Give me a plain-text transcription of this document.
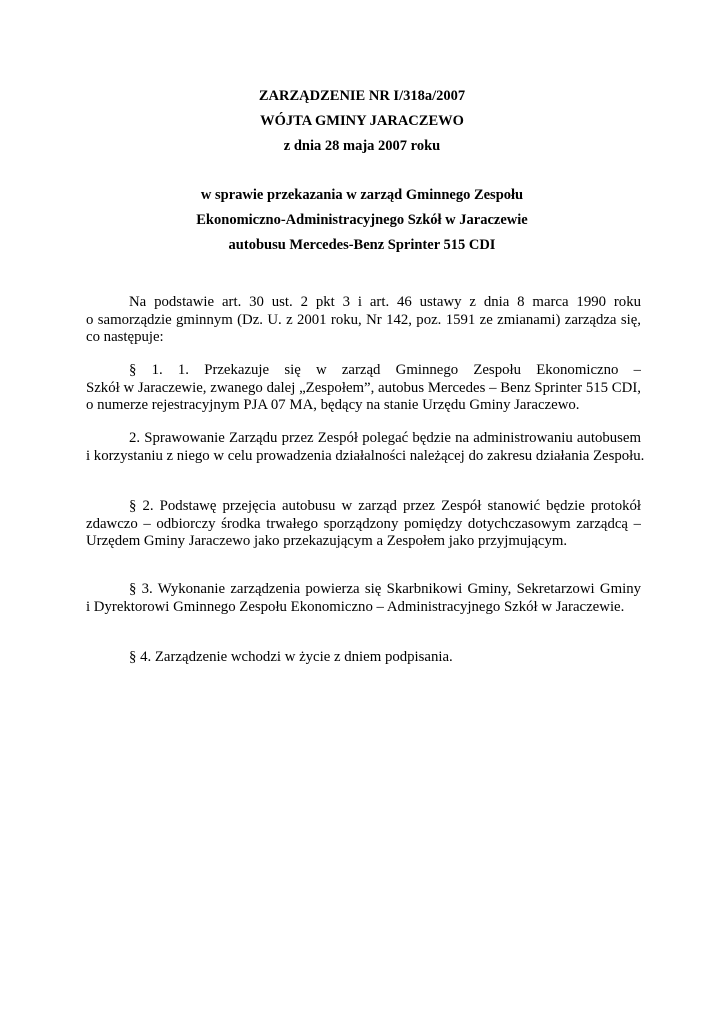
ZARZĄDZENIE NR I/318a/2007
WÓJTA GMINY JARACZEWO
z dnia 28 maja 2007 roku
w sprawie przekazania w zarząd Gminnego Zespołu
Ekonomiczno-Administracyjnego Szkół w Jaraczewie
autobusu Mercedes-Benz Sprinter 515 CDI
Na podstawie art. 30 ust. 2 pkt 3 i art. 46 ustawy z dnia 8 marca 1990 roku
o samorządzie gminnym (Dz. U. z 2001 roku, Nr 142, poz. 1591 ze zmianami) zarządza się,
co następuje:
§ 1. 1. Przekazuje się w zarząd Gminnego Zespołu Ekonomiczno –
Szkół w Jaraczewie, zwanego dalej „Zespołem”, autobus Mercedes – Benz Sprinter 515 CDI,
o numerze rejestracyjnym PJA 07 MA, będący na stanie Urzędu Gminy Jaraczewo.
2. Sprawowanie Zarządu przez Zespół polegać będzie na administrowaniu autobusem
i korzystaniu z niego w celu prowadzenia działalności należącej do zakresu działania Zespołu.
§ 2. Podstawę przejęcia autobusu w zarząd przez Zespół stanowić będzie protokół
zdawczo – odbiorczy środka trwałego sporządzony pomiędzy dotychczasowym zarządcą –
Urzędem Gminy Jaraczewo jako przekazującym a Zespołem jako przyjmującym.
§ 3. Wykonanie zarządzenia powierza się Skarbnikowi Gminy, Sekretarzowi Gminy
i Dyrektorowi Gminnego Zespołu Ekonomiczno – Administracyjnego Szkół w Jaraczewie.
§ 4. Zarządzenie wchodzi w życie z dniem podpisania.
